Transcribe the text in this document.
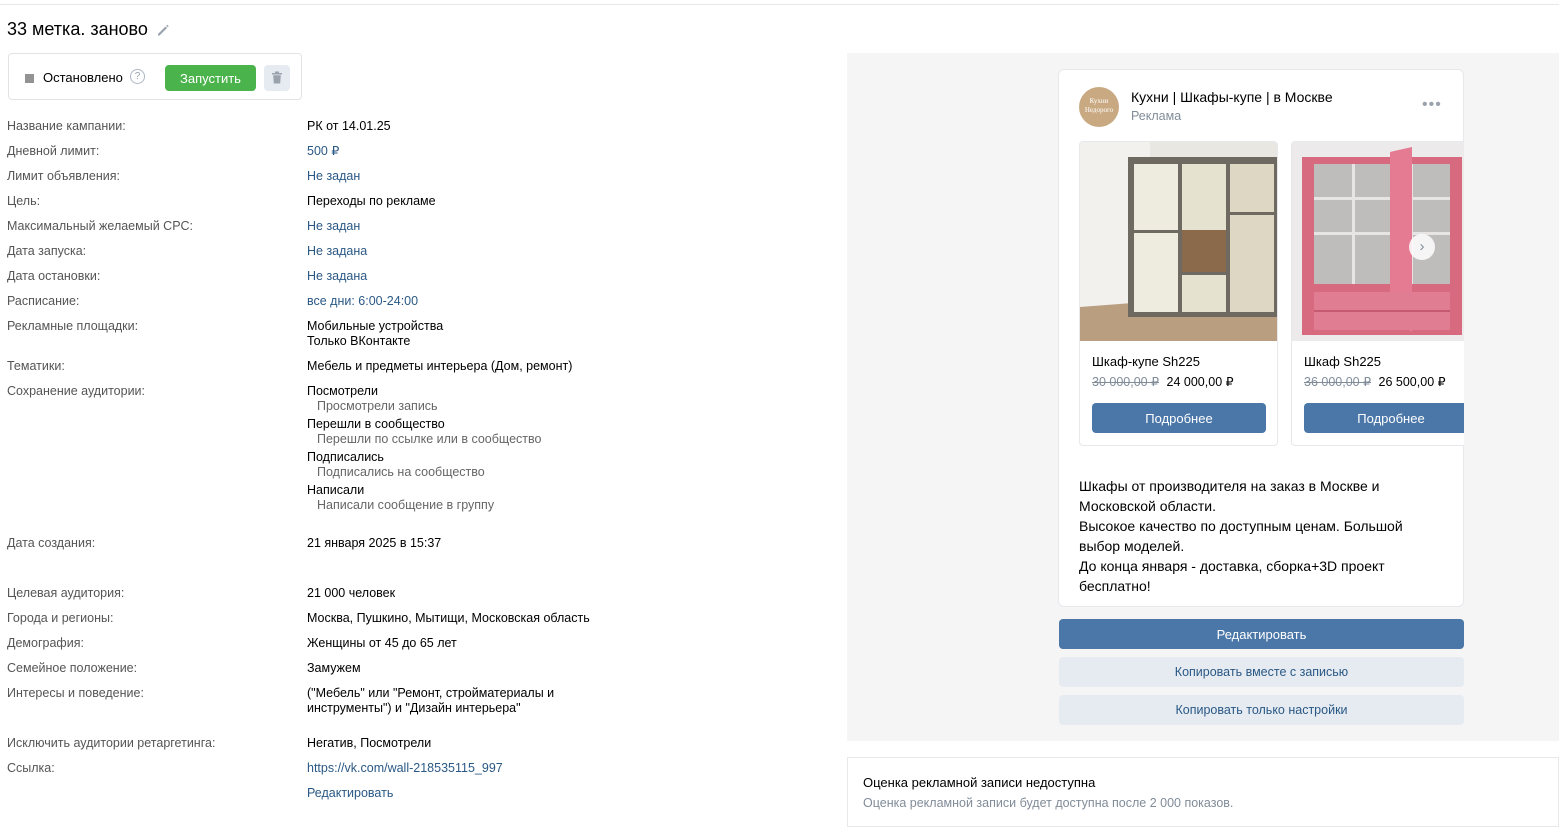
33 метка. заново
Остановлено	?	Запустить
Название кампании:	РК от 14.01.25
Дневной лимит:	500 ₽
Лимит объявления:	Не задан
Цель:	Переходы по рекламе
Максимальный желаемый CPC:	Не задан
Дата запуска:	Не задана
Дата остановки:	Не задана
Расписание:	все дни: 6:00-24:00
Рекламные площадки:	Мобильные устройства
Только ВКонтакте
Тематики:	Мебель и предметы интерьера (Дом, ремонт)
Сохранение аудитории:	Посмотрели
Просмотрели запись
Перешли в сообщество
Перешли по ссылке или в сообщество
Подписались
Подписались на сообщество
Написали
Написали сообщение в группу
Дата создания:	21 января 2025 в 15:37
Целевая аудитория:	21 000 человек
Города и регионы:	Москва, Пушкино, Мытищи, Московская область
Демография:	Женщины от 45 до 65 лет
Семейное положение:	Замужем
Интересы и поведение:	("Мебель" или "Ремонт, стройматериалы и
инструменты") и "Дизайн интерьера"
Исключить аудитории ретаргетинга:	Негатив, Посмотрели
Ссылка:	https://vk.com/wall-218535115_997
Редактировать
Кухни
Недорого
Кухни | Шкафы-купе | в Москве
Реклама
•••
Шкаф-купе Sh225
30 000,00 ₽ 24 000,00 ₽
Подробнее
Шкаф Sh225
36 000,00 ₽ 26 500,00 ₽
Подробнее
›
Шкафы от производителя на заказ в Москве и
Московской области.
Высокое качество по доступным ценам. Большой
выбор моделей.
До конца января - доставка, сборка+3D проект
бесплатно!
Редактировать
Копировать вместе с записью
Копировать только настройки
Оценка рекламной записи недоступна
Оценка рекламной записи будет доступна после 2 000 показов.
